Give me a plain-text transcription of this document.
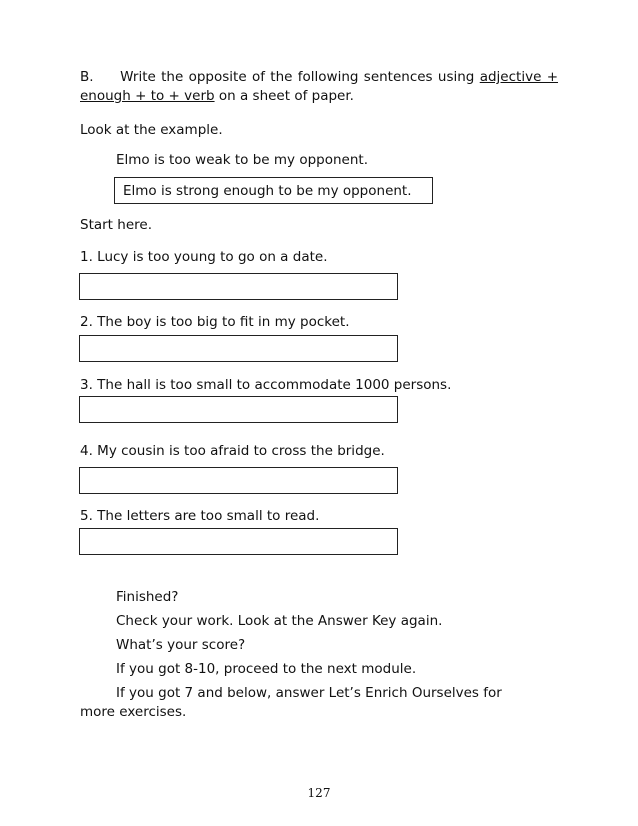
B. Write the opposite of the following sentences using adjective + enough + to + verb on a sheet of paper.
Look at the example.
Elmo is too weak to be my opponent.
Elmo is strong enough to be my opponent.
Start here.
1. Lucy is too young to go on a date.
2. The boy is too big to fit in my pocket.
3. The hall is too small to accommodate 1000 persons.
4. My cousin is too afraid to cross the bridge.
5. The letters are too small to read.
Finished?
Check your work. Look at the Answer Key again.
What’s your score?
If you got 8-10, proceed to the next module.
If you got 7 and below, answer Let’s Enrich Ourselves for more exercises.
127
